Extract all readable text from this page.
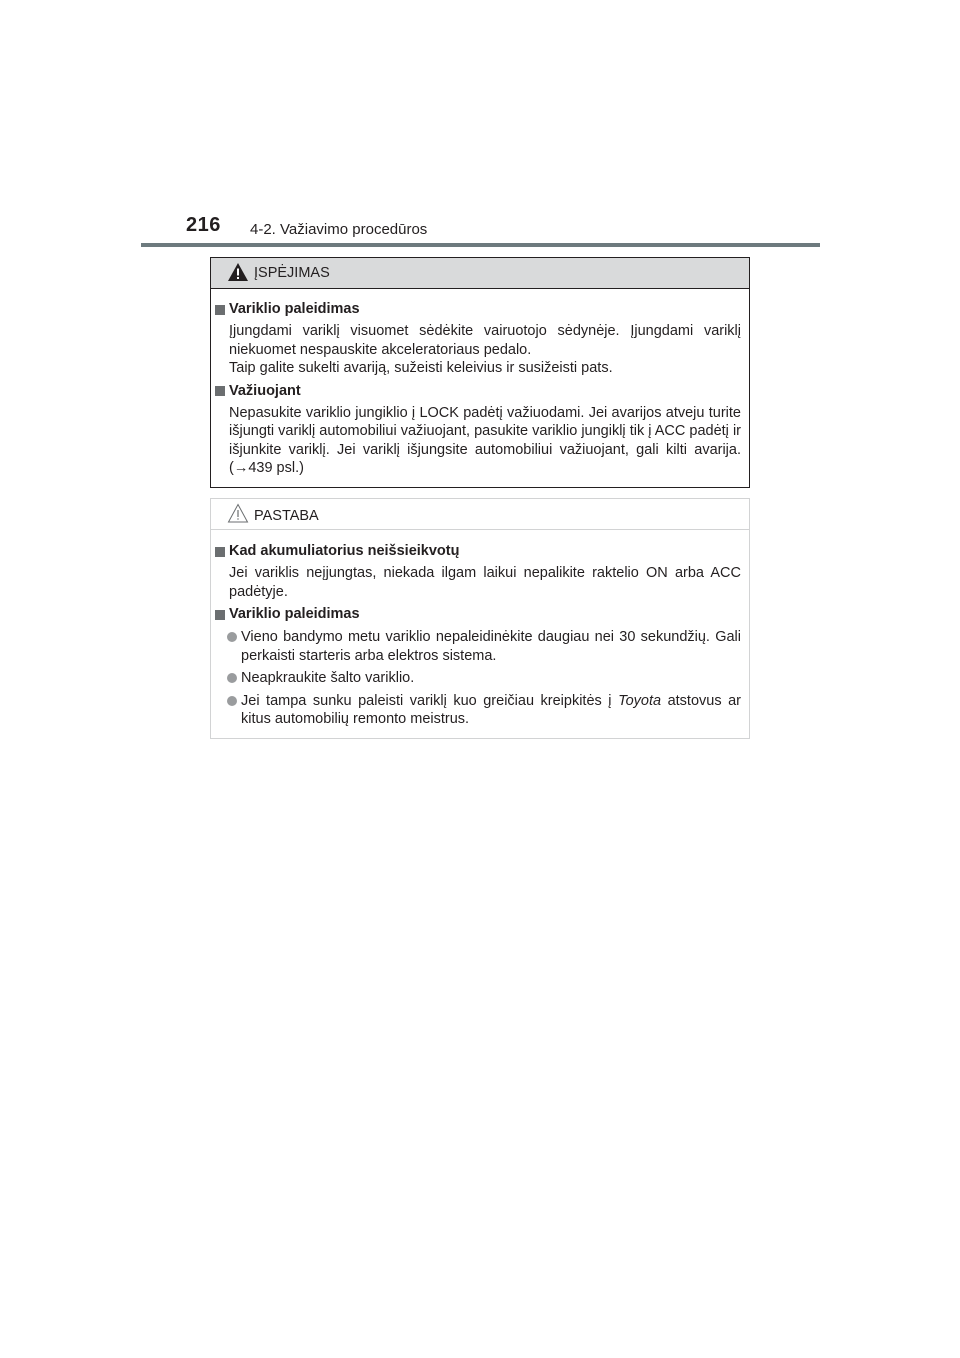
216 4-2. Važiavimo procedūros
ĮSPĖJIMAS
Variklio paleidimas
Įjungdami variklį visuomet sėdėkite vairuotojo sėdynėje. Įjungdami variklį niekuomet nespauskite akceleratoriaus pedalo.
Taip galite sukelti avariją, sužeisti keleivius ir susižeisti pats.
Važiuojant
Nepasukite variklio jungiklio į LOCK padėtį važiuodami. Jei avarijos atveju turite išjungti variklį automobiliui važiuojant, pasukite variklio jungiklį tik į ACC padėtį ir išjunkite variklį. Jei variklį išjungsite automobiliui važiuojant, gali kilti avarija. (→439 psl.)
PASTABA
Kad akumuliatorius neišsieikvotų
Jei variklis neįjungtas, niekada ilgam laikui nepalikite raktelio ON arba ACC padėtyje.
Variklio paleidimas
Vieno bandymo metu variklio nepaleidinėkite daugiau nei 30 sekundžių. Gali perkaisti starteris arba elektros sistema.
Neapkraukite šalto variklio.
Jei tampa sunku paleisti variklį kuo greičiau kreipkitės į Toyota atstovus ar kitus automobilių remonto meistrus.
